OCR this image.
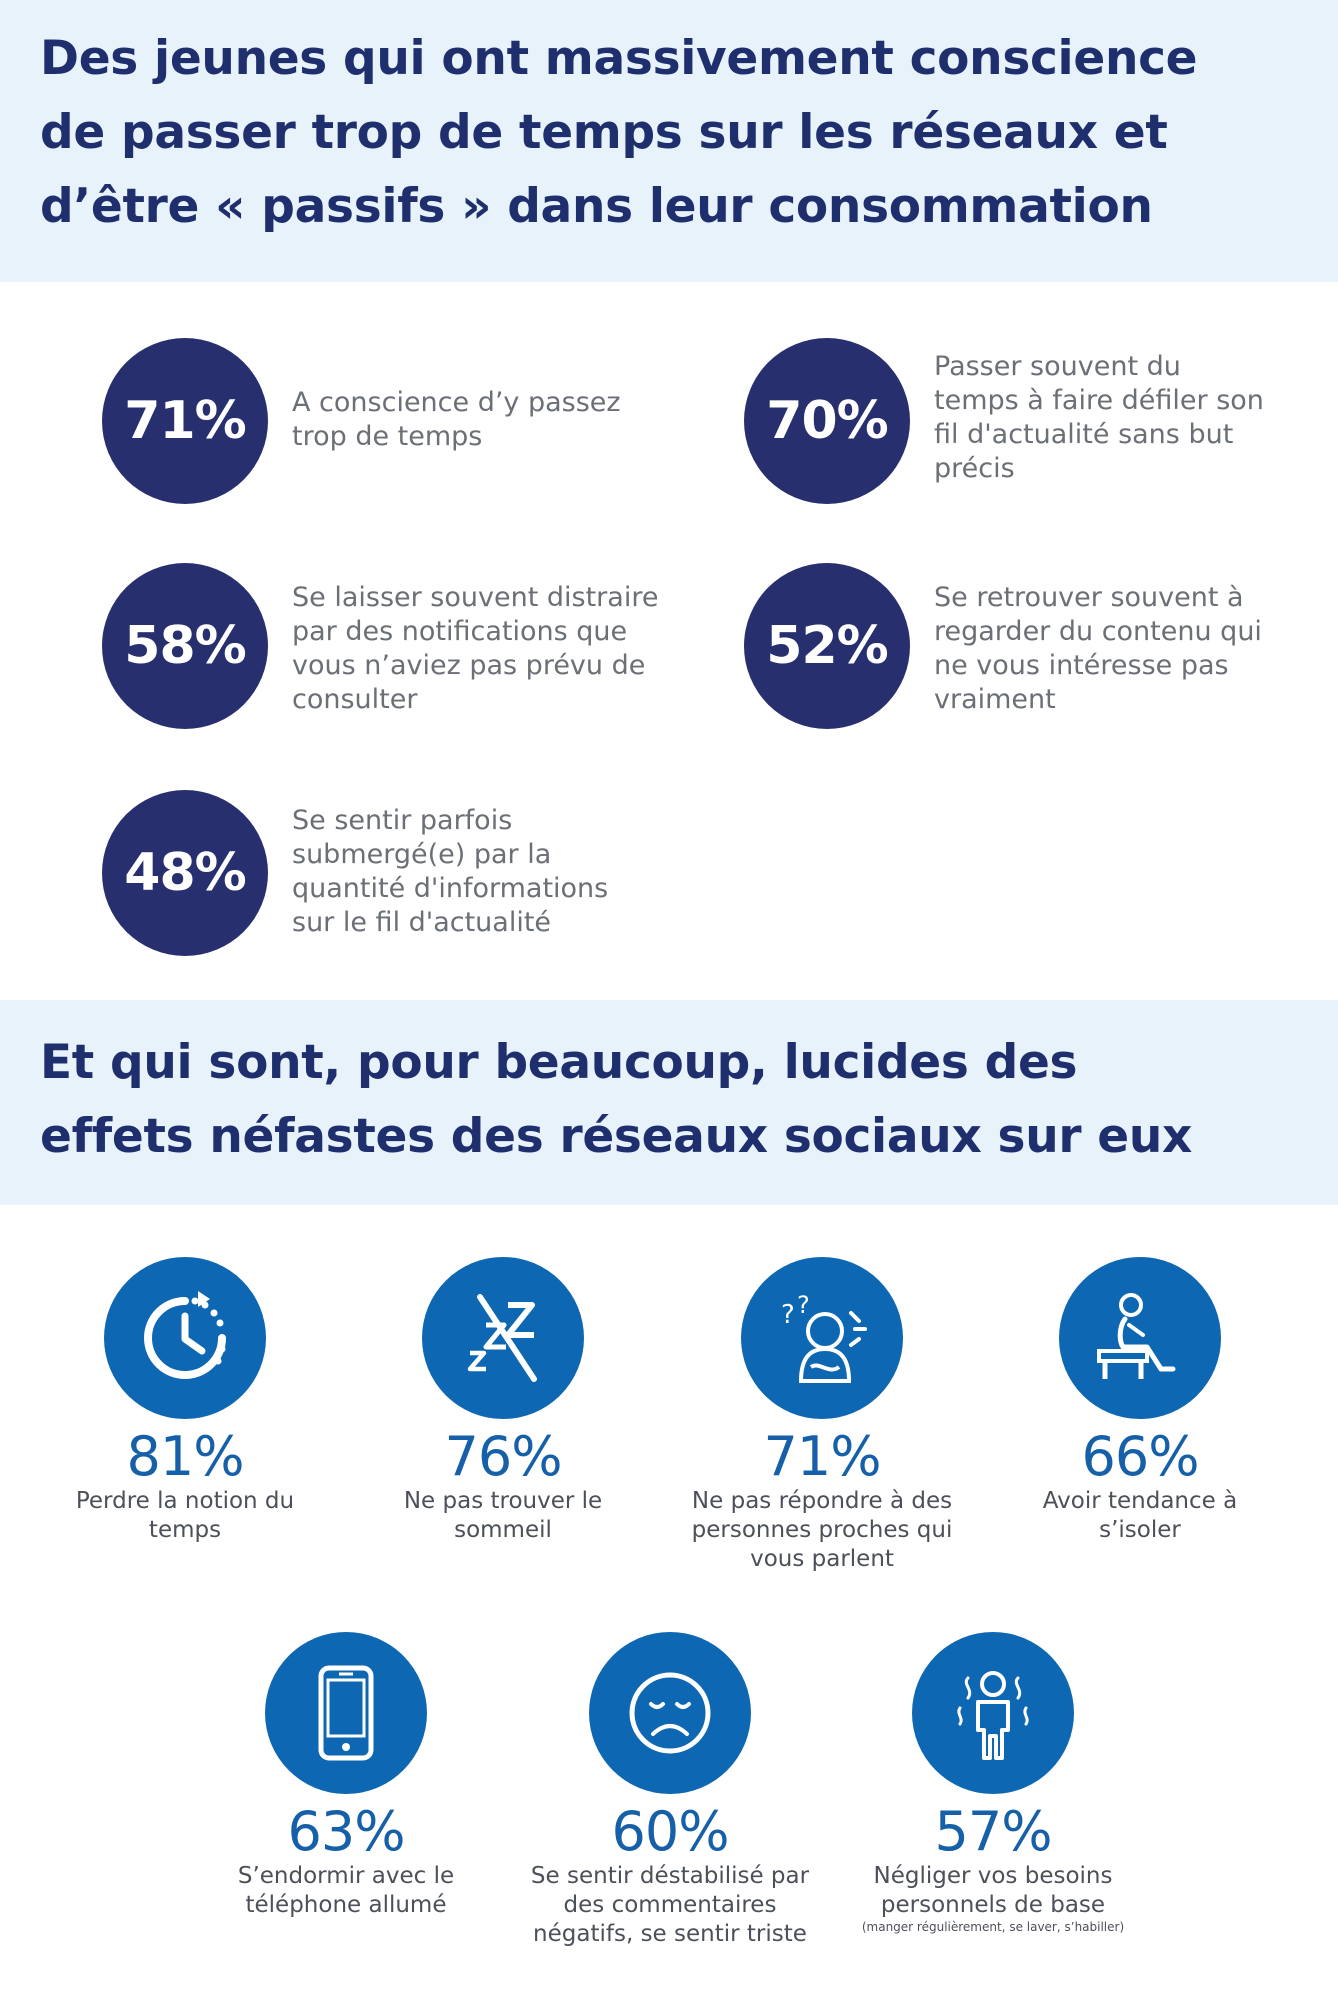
Des jeunes qui ont massivement conscience
de passer trop de temps sur les réseaux et
d’être « passifs » dans leur consommation
71%	A conscience d’y passez trop de temps	70%
Passer souvent du temps à faire défiler son fil d'actualité sans but précis
58%
Se laisser souvent distraire par des notifications que vous n’aviez pas prévu de consulter
52%
Se retrouver souvent à regarder du contenu qui ne vous intéresse pas vraiment
48%
Se sentir parfois submergé(e) par la quantité d'informations sur le fil d'actualité
Et qui sont, pour beaucoup, lucides des
effets néfastes des réseaux sociaux sur eux
81%
Perdre la notion du temps
76%
Ne pas trouver le sommeil
? ?
71%
Ne pas répondre à des personnes proches qui vous parlent
66%
Avoir tendance à s’isoler
63%
S’endormir avec le téléphone allumé
60%
Se sentir déstabilisé par des commentaires négatifs, se sentir triste
57%
Négliger vos besoins personnels de base
(manger régulièrement, se laver, s’habiller)
